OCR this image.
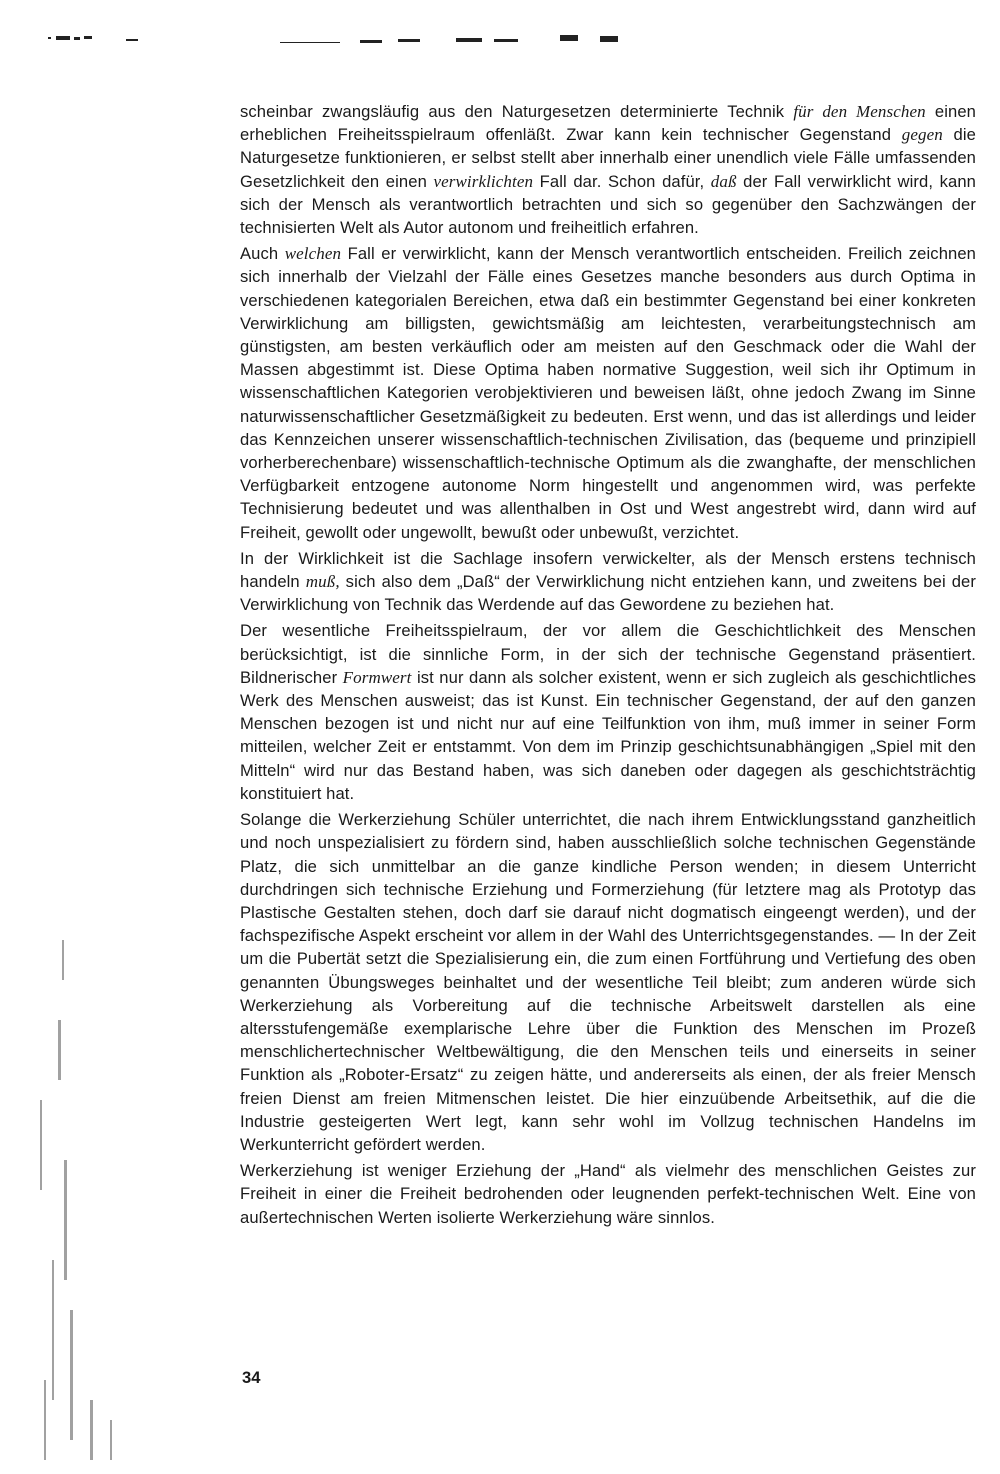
scheinbar zwangsläufig aus den Naturgesetzen determinierte Technik für den Menschen einen erheblichen Freiheitsspielraum offenläßt. Zwar kann kein technischer Gegenstand gegen die Naturgesetze funktionieren, er selbst stellt aber innerhalb einer unendlich viele Fälle umfassenden Gesetzlichkeit den einen verwirklichten Fall dar. Schon dafür, daß der Fall verwirklicht wird, kann sich der Mensch als verantwortlich betrachten und sich so gegenüber den Sachzwängen der technisierten Welt als Autor autonom und freiheitlich erfahren.

Auch welchen Fall er verwirklicht, kann der Mensch verantwortlich entscheiden. Freilich zeichnen sich innerhalb der Vielzahl der Fälle eines Gesetzes manche besonders aus durch Optima in verschiedenen kategorialen Bereichen, etwa daß ein bestimmter Gegenstand bei einer konkreten Verwirklichung am billigsten, gewichtsmäßig am leichtesten, verarbeitungstechnisch am günstigsten, am besten verkäuflich oder am meisten auf den Geschmack oder die Wahl der Massen abgestimmt ist. Diese Optima haben normative Suggestion, weil sich ihr Optimum in wissenschaftlichen Kategorien verobjektivieren und beweisen läßt, ohne jedoch Zwang im Sinne naturwissenschaftlicher Gesetzmäßigkeit zu bedeuten. Erst wenn, und das ist allerdings und leider das Kennzeichen unserer wissenschaftlich-technischen Zivilisation, das (bequeme und prinzipiell vorherberechenbare) wissenschaftlich-technische Optimum als die zwanghafte, der menschlichen Verfügbarkeit entzogene autonome Norm hingestellt und angenommen wird, was perfekte Technisierung bedeutet und was allenthalben in Ost und West angestrebt wird, dann wird auf Freiheit, gewollt oder ungewollt, bewußt oder unbewußt, verzichtet.

In der Wirklichkeit ist die Sachlage insofern verwickelter, als der Mensch erstens technisch handeln muß, sich also dem „Daß“ der Verwirklichung nicht entziehen kann, und zweitens bei der Verwirklichung von Technik das Werdende auf das Gewordene zu beziehen hat.

Der wesentliche Freiheitsspielraum, der vor allem die Geschichtlichkeit des Menschen berücksichtigt, ist die sinnliche Form, in der sich der technische Gegenstand präsentiert. Bildnerischer Formwert ist nur dann als solcher existent, wenn er sich zugleich als geschichtliches Werk des Menschen ausweist; das ist Kunst. Ein technischer Gegenstand, der auf den ganzen Menschen bezogen ist und nicht nur auf eine Teilfunktion von ihm, muß immer in seiner Form mitteilen, welcher Zeit er entstammt. Von dem im Prinzip geschichtsunabhängigen „Spiel mit den Mitteln“ wird nur das Bestand haben, was sich daneben oder dagegen als geschichtsträchtig konstituiert hat.

Solange die Werkerziehung Schüler unterrichtet, die nach ihrem Entwicklungsstand ganzheitlich und noch unspezialisiert zu fördern sind, haben ausschließlich solche technischen Gegenstände Platz, die sich unmittelbar an die ganze kindliche Person wenden; in diesem Unterricht durchdringen sich technische Erziehung und Formerziehung (für letztere mag als Prototyp das Plastische Gestalten stehen, doch darf sie darauf nicht dogmatisch eingeengt werden), und der fachspezifische Aspekt erscheint vor allem in der Wahl des Unterrichtsgegenstandes. — In der Zeit um die Pubertät setzt die Spezialisierung ein, die zum einen Fortführung und Vertiefung des oben genannten Übungsweges beinhaltet und der wesentliche Teil bleibt; zum anderen würde sich Werkerziehung als Vorbereitung auf die technische Arbeitswelt darstellen als eine altersstufengemäße exemplarische Lehre über die Funktion des Menschen im Prozeß menschlichertechnischer Weltbewältigung, die den Menschen teils und einerseits in seiner Funktion als „Roboter-Ersatz“ zu zeigen hätte, und andererseits als einen, der als freier Mensch freien Dienst am freien Mitmenschen leistet. Die hier einzuübende Arbeitsethik, auf die die Industrie gesteigerten Wert legt, kann sehr wohl im Vollzug technischen Handelns im Werkunterricht gefördert werden.

Werkerziehung ist weniger Erziehung der „Hand“ als vielmehr des menschlichen Geistes zur Freiheit in einer die Freiheit bedrohenden oder leugnenden perfekt-technischen Welt. Eine von außertechnischen Werten isolierte Werkerziehung wäre sinnlos.

34
